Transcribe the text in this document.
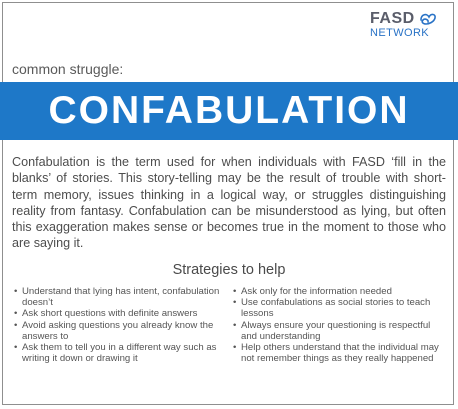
FASD
NETWORK
common struggle:
CONFABULATION
Confabulation is the term used for when individuals with FASD ‘fill in the blanks’ of stories. This story-telling may be the result of trouble with short-term memory, issues thinking in a logical way, or struggles distinguishing reality from fantasy. Confabulation can be misunderstood as lying, but often this exaggeration makes sense or becomes true in the moment to those who are saying it.
Strategies to help
• Understand that lying has intent, confabulation doesn’t
• Ask short questions with definite answers
• Avoid asking questions you already know the answers to
• Ask them to tell you in a different way such as writing it down or drawing it
• Ask only for the information needed
• Use confabulations as social stories to teach lessons
• Always ensure your questioning is respectful and understanding
• Help others understand that the individual may not remember things as they really happened
